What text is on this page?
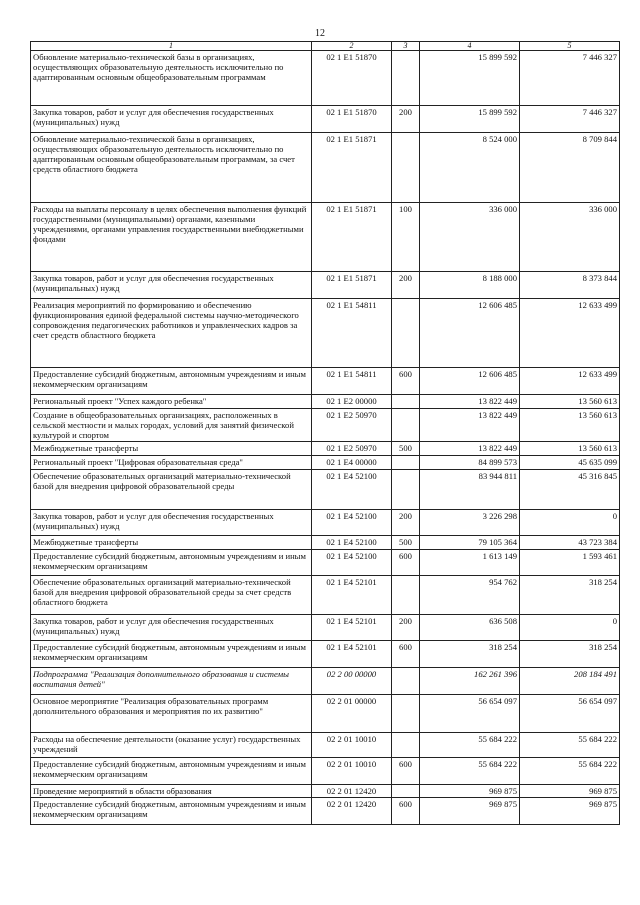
12
1	2	3	4	5
Обновление материально-технической базы в организациях, осуществляющих образовательную деятельность исключительно по адаптированным основным общеобразовательным программам	02 1 E1 51870		15 899 592	7 446 327
Закупка товаров, работ и услуг для обеспечения государственных (муниципальных) нужд	02 1 E1 51870	200	15 899 592	7 446 327
Обновление материально-технической базы в организациях, осуществляющих образовательную деятельность исключительно по адаптированным основным общеобразовательным программам, за счет средств областного бюджета	02 1 E1 51871		8 524 000	8 709 844
Расходы на выплаты персоналу в целях обеспечения выполнения функций государственными (муниципальными) органами, казенными учреждениями, органами управления государственными внебюджетными фондами	02 1 E1 51871	100	336 000	336 000
Закупка товаров, работ и услуг для обеспечения государственных (муниципальных) нужд	02 1 E1 51871	200	8 188 000	8 373 844
Реализация мероприятий по формированию и обеспечению функционирования единой федеральной системы научно-методического сопровождения педагогических работников и управленческих кадров за счет средств областного бюджета	02 1 E1 54811		12 606 485	12 633 499
Предоставление субсидий бюджетным, автономным учреждениям и иным некоммерческим организациям	02 1 E1 54811	600	12 606 485	12 633 499
Региональный проект "Успех каждого ребенка"	02 1 E2 00000		13 822 449	13 560 613
Создание в общеобразовательных организациях, расположенных в сельской местности и малых городах, условий для занятий физической культурой и спортом	02 1 E2 50970		13 822 449	13 560 613
Межбюджетные трансферты	02 1 E2 50970	500	13 822 449	13 560 613
Региональный проект "Цифровая образовательная среда"	02 1 E4 00000		84 899 573	45 635 099
Обеспечение образовательных организаций материально-технической базой для внедрения цифровой образовательной среды	02 1 E4 52100		83 944 811	45 316 845
Закупка товаров, работ и услуг для обеспечения государственных (муниципальных) нужд	02 1 E4 52100	200	3 226 298	0
Межбюджетные трансферты	02 1 E4 52100	500	79 105 364	43 723 384
Предоставление субсидий бюджетным, автономным учреждениям и иным некоммерческим организациям	02 1 E4 52100	600	1 613 149	1 593 461
Обеспечение образовательных организаций материально-технической базой для внедрения цифровой образовательной среды за счет средств областного бюджета	02 1 E4 52101		954 762	318 254
Закупка товаров, работ и услуг для обеспечения государственных (муниципальных) нужд	02 1 E4 52101	200	636 508	0
Предоставление субсидий бюджетным, автономным учреждениям и иным некоммерческим организациям	02 1 E4 52101	600	318 254	318 254
Подпрограмма "Реализация дополнительного образования и системы воспитания детей"	02 2 00 00000		162 261 396	208 184 491
Основное мероприятие "Реализация образовательных программ дополнительного образования и мероприятия по их развитию"	02 2 01 00000		56 654 097	56 654 097
Расходы на обеспечение деятельности (оказание услуг) государственных учреждений	02 2 01 10010		55 684 222	55 684 222
Предоставление субсидий бюджетным, автономным учреждениям и иным некоммерческим организациям	02 2 01 10010	600	55 684 222	55 684 222
Проведение мероприятий в области образования	02 2 01 12420		969 875	969 875
Предоставление субсидий бюджетным, автономным учреждениям и иным некоммерческим организациям	02 2 01 12420	600	969 875	969 875
